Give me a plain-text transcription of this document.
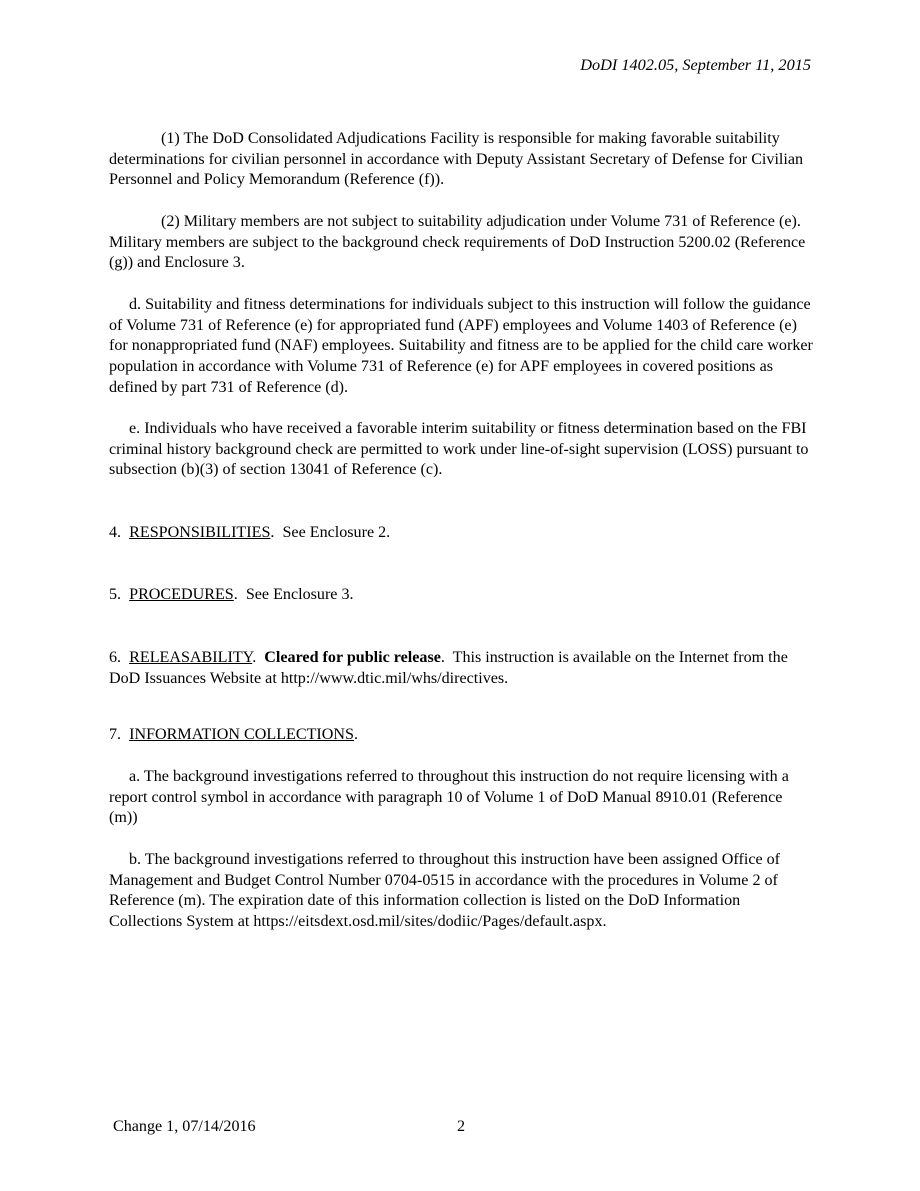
DoDI 1402.05, September 11, 2015

(1) The DoD Consolidated Adjudications Facility is responsible for making favorable suitability determinations for civilian personnel in accordance with Deputy Assistant Secretary of Defense for Civilian Personnel and Policy Memorandum (Reference (f)).

(2) Military members are not subject to suitability adjudication under Volume 731 of Reference (e). Military members are subject to the background check requirements of DoD Instruction 5200.02 (Reference (g)) and Enclosure 3.

d. Suitability and fitness determinations for individuals subject to this instruction will follow the guidance of Volume 731 of Reference (e) for appropriated fund (APF) employees and Volume 1403 of Reference (e) for nonappropriated fund (NAF) employees. Suitability and fitness are to be applied for the child care worker population in accordance with Volume 731 of Reference (e) for APF employees in covered positions as defined by part 731 of Reference (d).

e. Individuals who have received a favorable interim suitability or fitness determination based on the FBI criminal history background check are permitted to work under line-of-sight supervision (LOSS) pursuant to subsection (b)(3) of section 13041 of Reference (c).

4.  RESPONSIBILITIES.  See Enclosure 2.

5.  PROCEDURES.  See Enclosure 3.

6.  RELEASABILITY.  Cleared for public release.  This instruction is available on the Internet from the DoD Issuances Website at http://www.dtic.mil/whs/directives.

7.  INFORMATION COLLECTIONS.

a. The background investigations referred to throughout this instruction do not require licensing with a report control symbol in accordance with paragraph 10 of Volume 1 of DoD Manual 8910.01 (Reference (m))

b. The background investigations referred to throughout this instruction have been assigned Office of Management and Budget Control Number 0704-0515 in accordance with the procedures in Volume 2 of Reference (m). The expiration date of this information collection is listed on the DoD Information Collections System at https://eitsdext.osd.mil/sites/dodiic/Pages/default.aspx.

Change 1, 07/14/2016	2
